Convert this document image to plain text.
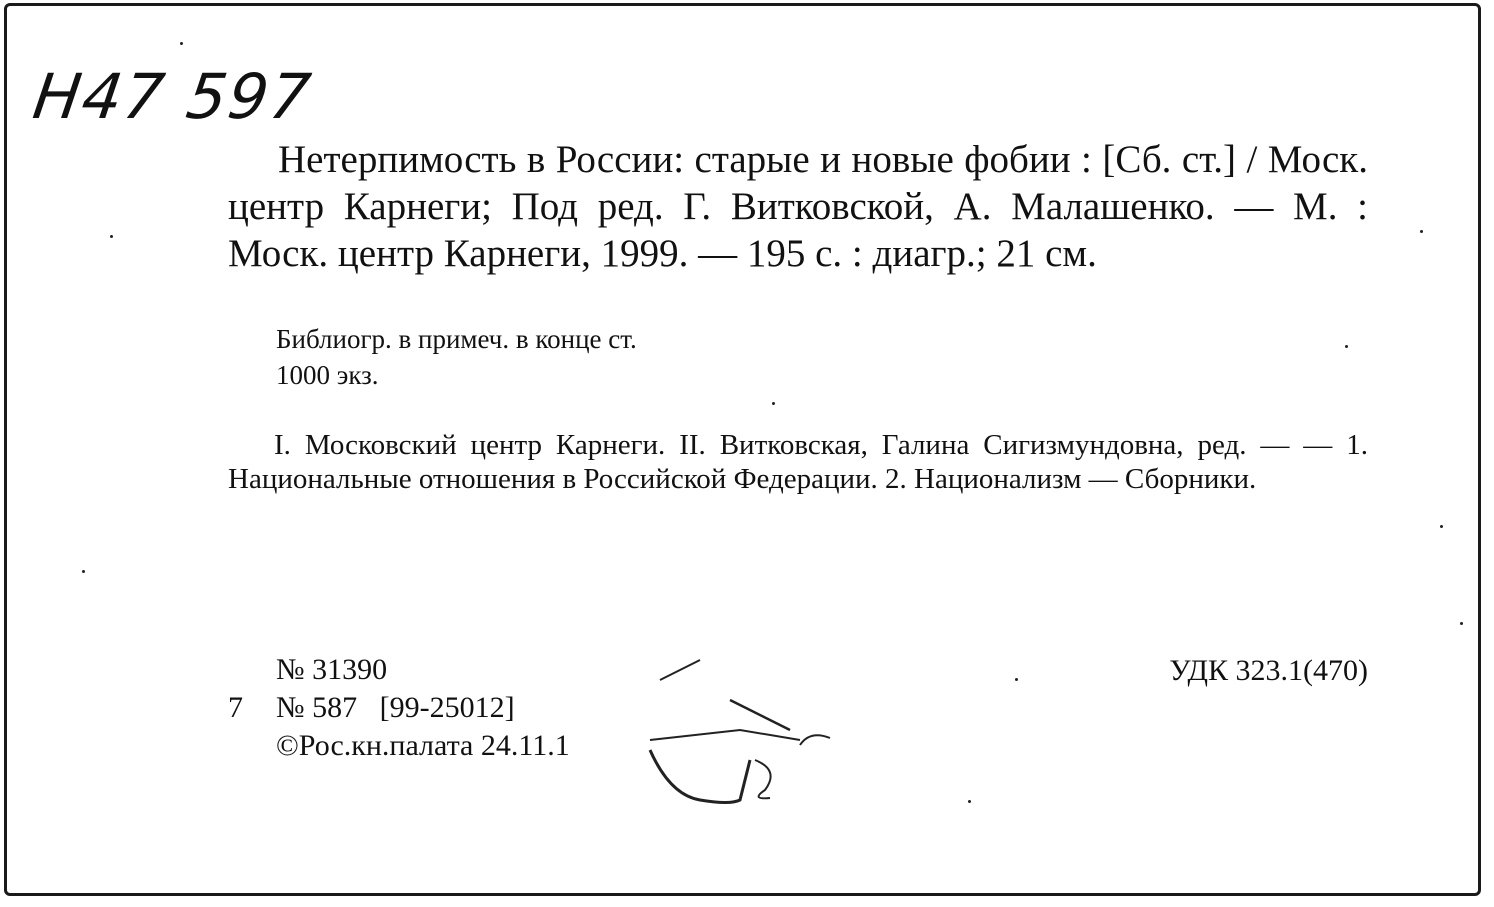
Н47 597
Нетерпимость в России: старые и новые фобии : [Сб. ст.] / Моск. центр Карнеги; Под ред. Г. Витковской, А. Малашенко. — М. : Моск. центр Карнеги, 1999. — 195 с. : диагр.; 21 см.
Библиогр. в примеч. в конце ст.
1000 экз.
I. Московский центр Карнеги. II. Витковская, Галина Сигизмундовна, ред. — — 1. Национальные отношения в Российской Федерации. 2. Национализм — Сборники.
№ 31390
7 № 587   [99-25012]
©Рос.кн.палата 24.11.1
УДК 323.1(470)
